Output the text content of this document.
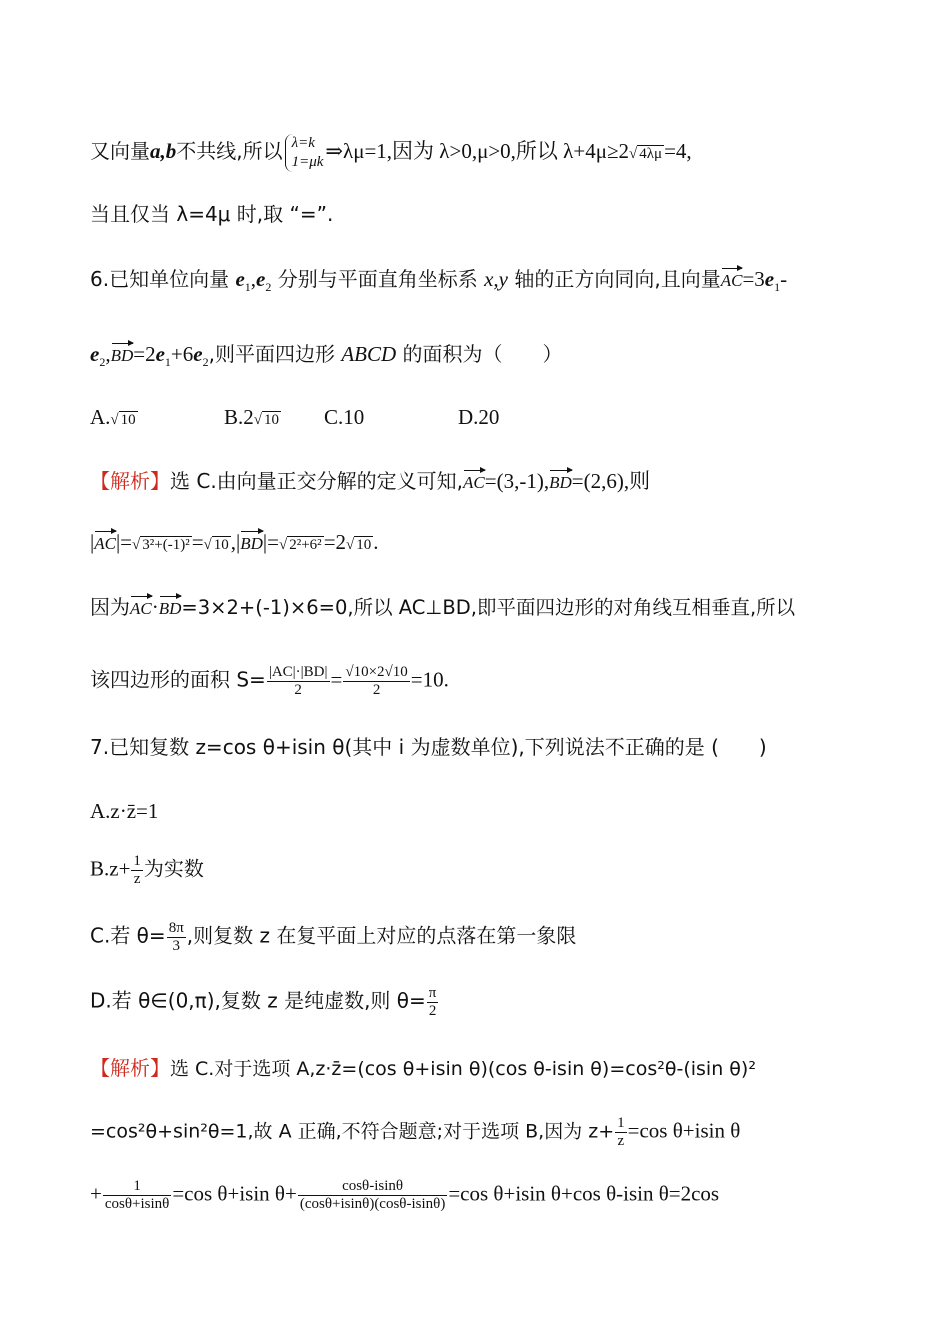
又向量a,b不共线,所以 λ=k
1=μk ⇒λμ=1,因为 λ>0,μ>0,所以 λ+4μ≥2√ 4λμ=4,
当且仅当 λ=4μ 时,取 “=”.
6.已知单位向量 $e_1,e_2$ 分别与平面直角坐标系 x,y 轴的正方向同向,且向量$AC=3e_1-$
$e_2,BD=2e_1+6e_2$,则平面四边形 ABCD 的面积为（　　）
A.√ 10	B.2√ 10 C.10	D.20
【解析】选 C.由向量正交分解的定义可知,AC=(3,-1),BD=(2,6),则
|AC|=√ 3²+(-1)²=√ 10,|BD|=√ 2²+6²=2√ 10.
因为AC·BD=3×2+(-1)×6=0,所以 AC⊥BD,即平面四边形的对角线互相垂直,所以
该四边形的面积 $S= \frac{|AC|\cdot|BD|}{2} = \frac{√10\times 2√10}{2} =10$.
7.已知复数 z=cos θ+isin θ(其中 i 为虚数单位),下列说法不正确的是 (　　)
A.z·z̄=1
$B.z+ \frac{1}{z}$ 为实数
C.若 $\theta= \frac{8\pi}{3}$ ,则复数 z 在复平面上对应的点落在第一象限
D.若 θ∈(0,π),复数 z 是纯虚数,则 $\theta= \frac{\pi}{2}$
【解析】选 C.对于选项 A,z·z̄=(cos θ+isin θ)(cos θ-isin θ)=cos²θ-(isin θ)²
=cos²θ+sin²θ=1,故 A 正确,不符合题意;对于选项 B,因为 $z+ \frac{1}{z} =\cos$ θ+isin θ
+ $\frac{1}{\cos\theta+isin\theta} =\cos$ θ+isin $\theta+ \frac{\cos\theta-isin\theta}{(\cos\theta+isin\theta)(\cos\theta-isin\theta)} =\cos$ θ+isin θ+cos θ-isin θ=2cos
